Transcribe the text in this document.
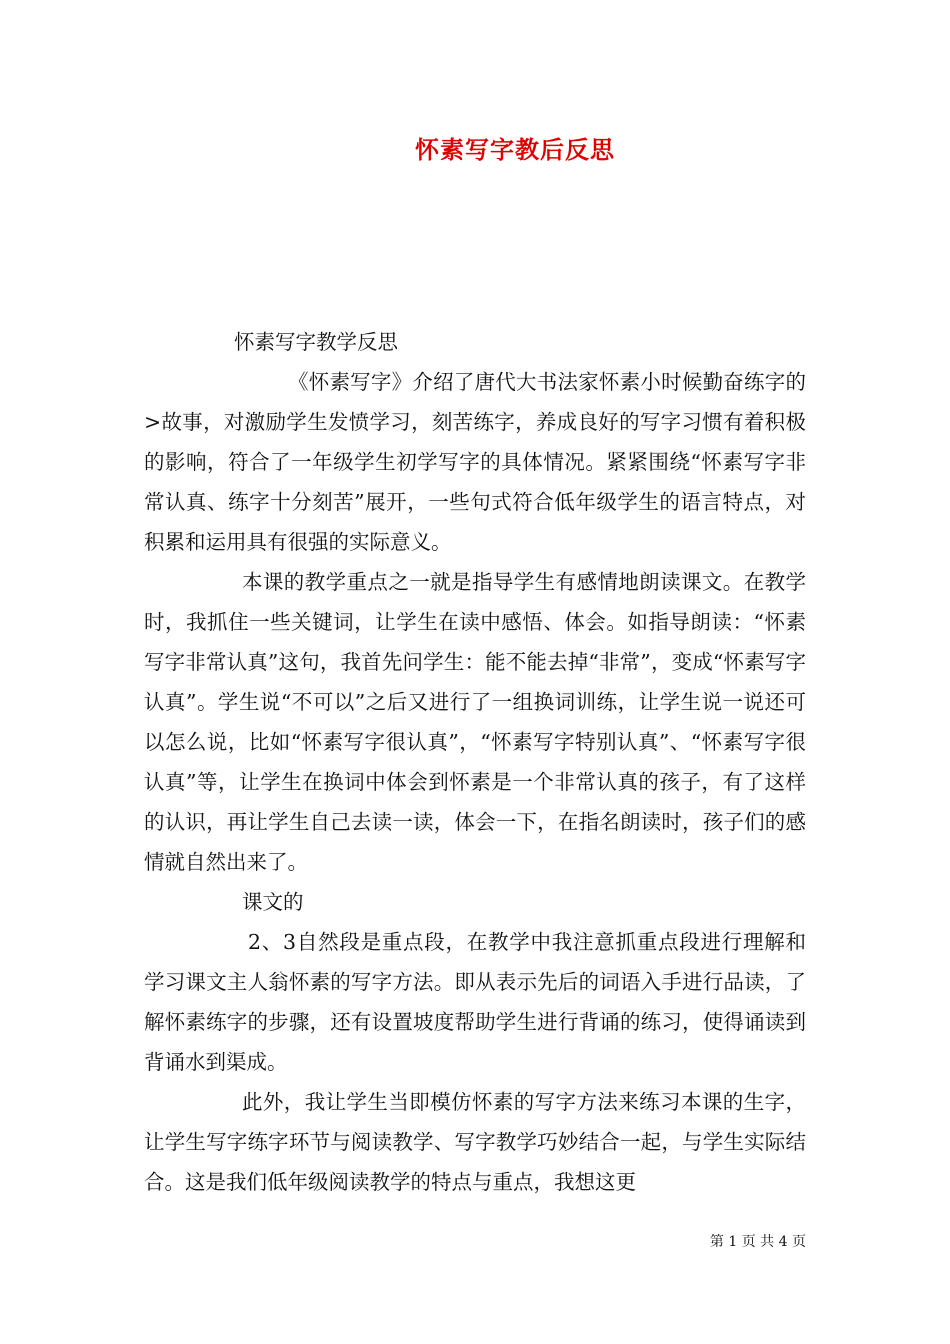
怀素写字教后反思

怀素写字教学反思

《怀素写字》介绍了唐代大书法家怀素小时候勤奋练字的>故事，对激励学生发愤学习，刻苦练字，养成良好的写字习惯有着积极的影响，符合了一年级学生初学写字的具体情况。紧紧围绕“怀素写字非常认真、练字十分刻苦”展开，一些句式符合低年级学生的语言特点，对积累和运用具有很强的实际意义。

本课的教学重点之一就是指导学生有感情地朗读课文。在教学时，我抓住一些关键词，让学生在读中感悟、体会。如指导朗读：“怀素写字非常认真”这句，我首先问学生：能不能去掉“非常”，变成“怀素写字认真”。学生说“不可以”之后又进行了一组换词训练，让学生说一说还可以怎么说，比如“怀素写字很认真”，“怀素写字特别认真”、“怀素写字很认真”等，让学生在换词中体会到怀素是一个非常认真的孩子，有了这样的认识，再让学生自己去读一读，体会一下，在指名朗读时，孩子们的感情就自然出来了。

课文的

2、3自然段是重点段，在教学中我注意抓重点段进行理解和学习课文主人翁怀素的写字方法。即从表示先后的词语入手进行品读，了解怀素练字的步骤，还有设置坡度帮助学生进行背诵的练习，使得诵读到背诵水到渠成。

此外，我让学生当即模仿怀素的写字方法来练习本课的生字，让学生写字练字环节与阅读教学、写字教学巧妙结合一起，与学生实际结合。这是我们低年级阅读教学的特点与重点，我想这更

第 1 页 共 4 页
